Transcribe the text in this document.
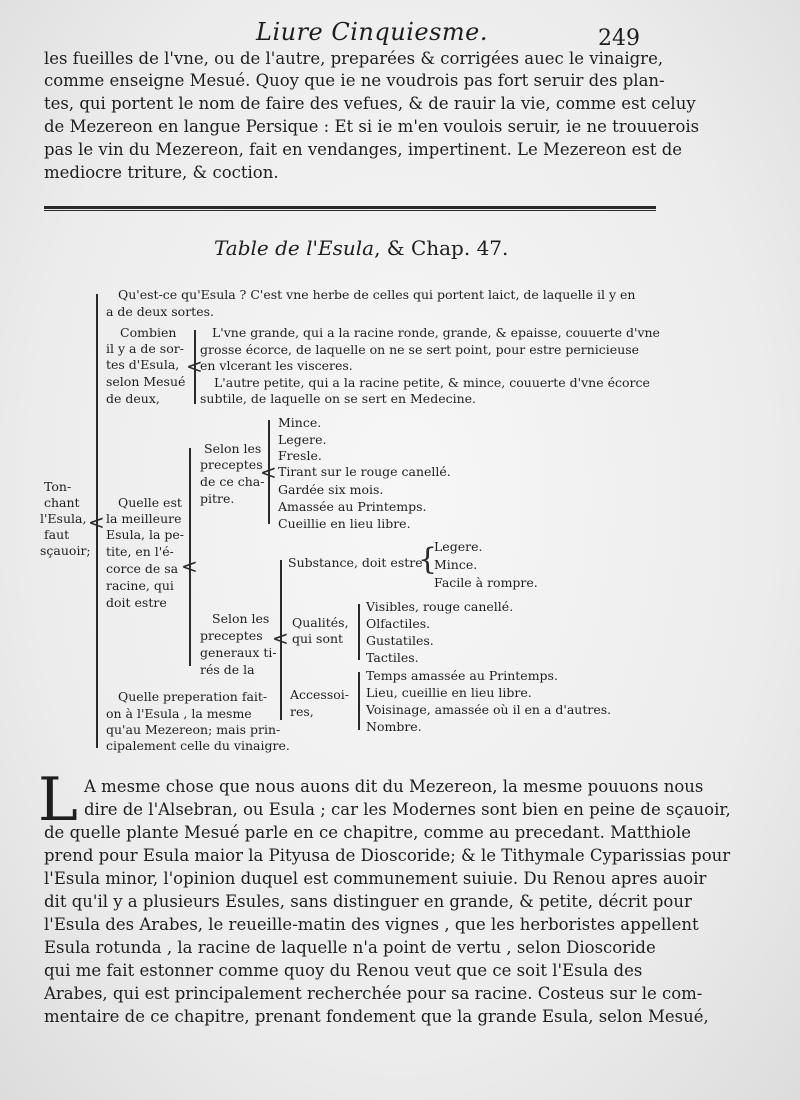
Liure Cinquiesme.	249
les fueilles de l'vne, ou de l'autre, preparées & corrigées auec le vinaigre,
comme enseigne Mesué. Quoy que ie ne voudrois pas fort seruir des plan-
tes, qui portent le nom de faire des vefues, & de rauir la vie, comme est celuy
de Mezereon en langue Persique : Et si ie m'en voulois seruir, ie ne trouuerois
pas le vin du Mezereon, fait en vendanges, impertinent. Le Mezereon est de
mediocre triture, & coction.
Table de l'Esula, & Chap. 47.
Ton-
chant
l'Esula,
faut
sçauoir;
<
Qu'est-ce qu'Esula ? C'est vne herbe de celles qui portent laict, de laquelle il y en
a de deux sortes.
Combien
il y a de sor-
tes d'Esula,
selon Mesué
de deux,
<
L'vne grande, qui a la racine ronde, grande, & epaisse, couuerte d'vne
grosse écorce, de laquelle on ne se sert point, pour estre pernicieuse
en vlcerant les visceres.
L'autre petite, qui a la racine petite, & mince, couuerte d'vne écorce
subtile, de laquelle on se sert en Medecine.
Quelle est
la meilleure
Esula, la pe-
tite, en l'é-
corce de sa
racine, qui
doit estre
<
Selon les
preceptes
de ce cha-
pitre.
<
Mince.
Legere.
Fresle.
Tirant sur le rouge canellé.
Gardée six mois.
Amassée au Printemps.
Cueillie en lieu libre.
Selon les
preceptes
generaux ti-
rés de la
<
Substance, doit estre
{
Legere.
Mince.
Facile à rompre.
Qualités,
qui sont
Visibles, rouge canellé.
Olfactiles.
Gustatiles.
Tactiles.
Accessoi-
res,
Temps amassée au Printemps.
Lieu, cueillie en lieu libre.
Voisinage, amassée où il en a d'autres.
Nombre.
Quelle preperation fait-
on à l'Esula , la mesme
qu'au Mezereon; mais prin-
cipalement celle du vinaigre.
L A mesme chose que nous auons dit du Mezereon, la mesme pouuons nous
dire de l'Alsebran, ou Esula ; car les Modernes sont bien en peine de sçauoir,
de quelle plante Mesué parle en ce chapitre, comme au precedant. Matthiole
prend pour Esula maior la Pityusa de Dioscoride; & le Tithymale Cyparissias pour
l'Esula minor, l'opinion duquel est communement suiuie. Du Renou apres auoir
dit qu'il y a plusieurs Esules, sans distinguer en grande, & petite, décrit pour
l'Esula des Arabes, le reueille-matin des vignes , que les herboristes appellent
Esula rotunda , la racine de laquelle n'a point de vertu , selon Dioscoride
qui me fait estonner comme quoy du Renou veut que ce soit l'Esula des
Arabes, qui est principalement recherchée pour sa racine. Costeus sur le com-
mentaire de ce chapitre, prenant fondement que la grande Esula, selon Mesué,
